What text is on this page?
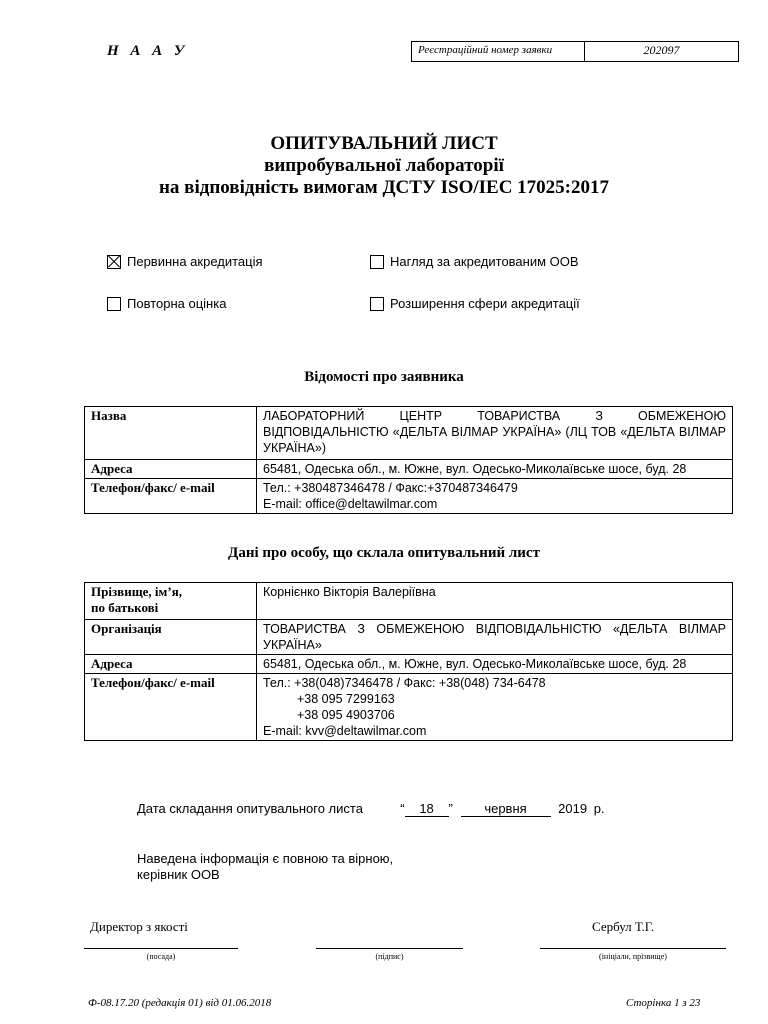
Н А А У	Реєстраційний номер заявки	202097
ОПИТУВАЛЬНИЙ ЛИСТ
випробувальної лабораторії
на відповідність вимогам ДСТУ ISO/IEC 17025:2017
Первинна акредитація	Нагляд за акредитованим ООВ
Повторна оцінка	Розширення сфери акредитації
Відомості про заявника
Назва	ЛАБОРАТОРНИЙ ЦЕНТР ТОВАРИСТВА З ОБМЕЖЕНОЮ ВІДПОВІДАЛЬНІСТЮ «ДЕЛЬТА ВІЛМАР УКРАЇНА» (ЛЦ ТОВ «ДЕЛЬТА ВІЛМАР УКРАЇНА»)
Адреса	65481, Одеська обл., м. Южне, вул. Одесько-Миколаївське шосе, буд. 28
Телефон/факс/ e-mail	Тел.: +380487346478 / Факс:+370487346479
E-mail: office@deltawilmar.com
Дані про особу, що склала опитувальний лист
Прізвище, ім’я,
по батькові	Корнієнко Вікторія Валеріївна
Організація	ТОВАРИСТВА З ОБМЕЖЕНОЮ ВІДПОВІДАЛЬНІСТЮ «ДЕЛЬТА ВІЛМАР УКРАЇНА»
Адреса	65481, Одеська обл., м. Южне, вул. Одесько-Миколаївське шосе, буд. 28
Телефон/факс/ e-mail	Тел.: +38(048)7346478 / Факс: +38(048) 734-6478
+38 095 7299163
+38 095 4903706
E-mail: kvv@deltawilmar.com
Дата складання опитувального листа	“ 18 ” червня 2019 р.
Наведена інформація є повною та вірною,
керівник ООВ
Директор з якості	Сербул Т.Г.
(посада)	(підпис)	(ініціали, прізвище)
Ф-08.17.20 (редакція 01) від 01.06.2018	Сторінка 1 з 23
